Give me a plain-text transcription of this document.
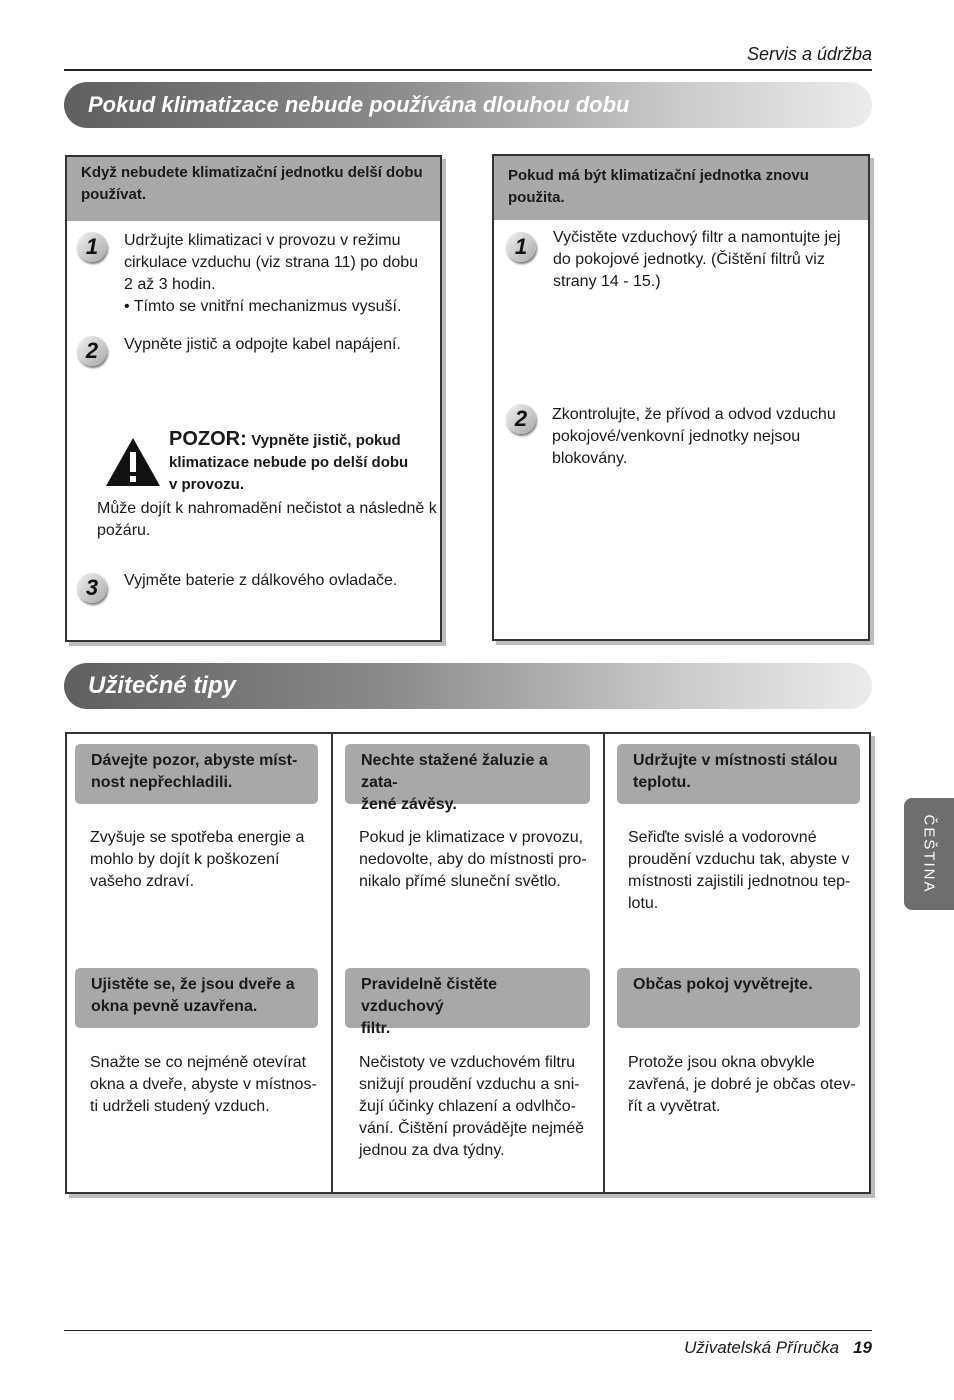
Servis a údržba
Pokud klimatizace nebude používána dlouhou dobu
Když nebudete klimatizační jednotku delší dobu používat.
1	Udržujte klimatizaci v provozu v režimu
cirkulace vzduchu (viz strana 11) po dobu
2 až 3 hodin.
• Tímto se vnitřní mechanizmus vysuší.
2	Vypněte jistič a odpojte kabel napájení.
POZOR: Vypněte jistič, pokud
klimatizace nebude po delší dobu
v provozu.
Může dojít k nahromadění nečistot a následně k
požáru.
3	Vyjměte baterie z dálkového ovladače.
Pokud má být klimatizační jednotka znovu použita.
1	Vyčistěte vzduchový filtr a namontujte jej
do pokojové jednotky. (Čištění filtrů viz
strany 14 - 15.)
2	Zkontrolujte, že přívod a odvod vzduchu
pokojové/venkovní jednotky nejsou
blokovány.
Užitečné tipy
Dávejte pozor, abyste míst-
nost nepřechladili.
Zvyšuje se spotřeba energie a
mohlo by dojít k poškození
vašeho zdraví.
Nechte stažené žaluzie a zata-
žené závěsy.
Pokud je klimatizace v provozu,
nedovolte, aby do místnosti pro-
nikalo přímé sluneční světlo.
Udržujte v místnosti stálou
teplotu.
Seřiďte svislé a vodorovné
proudění vzduchu tak, abyste v
místnosti zajistili jednotnou tep-
lotu.
Ujistěte se, že jsou dveře a
okna pevně uzavřena.
Snažte se co nejméně otevírat
okna a dveře, abyste v místnos-
ti udrželi studený vzduch.
Pravidelně čistěte vzduchový
filtr.
Nečistoty ve vzduchovém filtru
snižují proudění vzduchu a sni-
žují účinky chlazení a odvlhčo-
vání. Čištění provádějte nejméě
jednou za dva týdny.
Občas pokoj vyvětrejte.
Protože jsou okna obvykle
zavřená, je dobré je občas otev-
řít a vyvětrat.
ČEŠTINA
Uživatelská Příručka 19
